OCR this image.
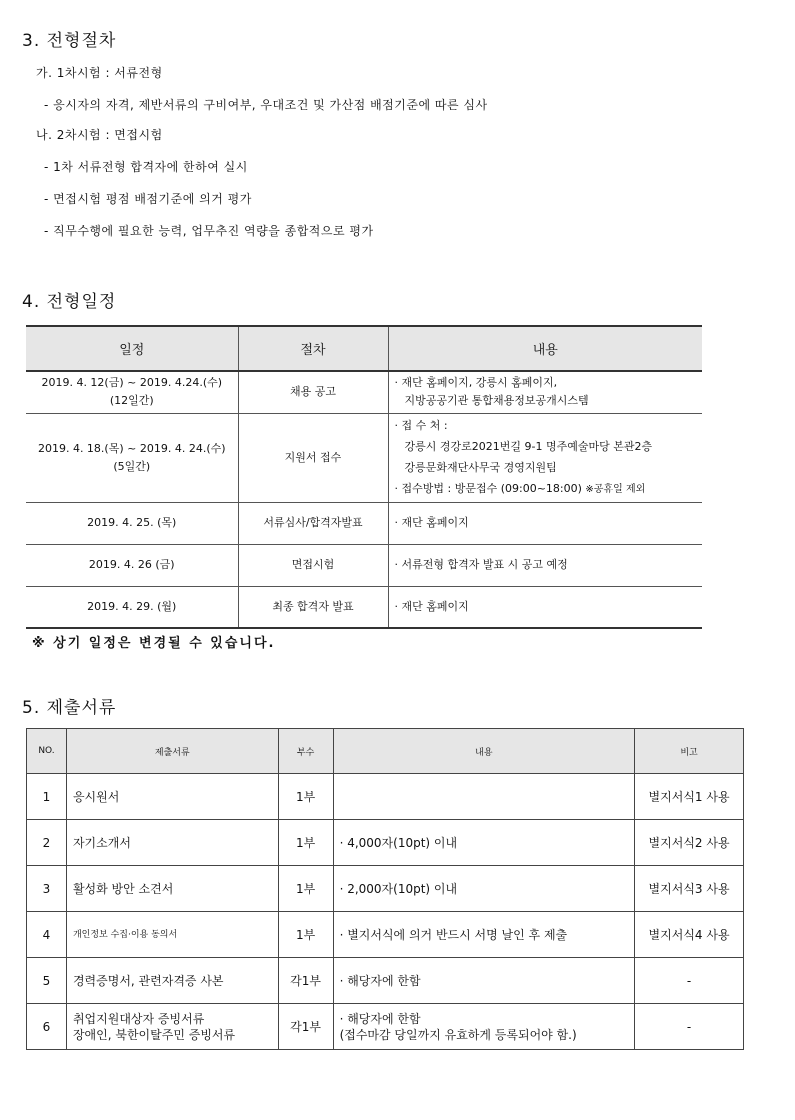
3. 전형절차
가. 1차시험 : 서류전형
- 응시자의 자격, 제반서류의 구비여부, 우대조건 및 가산점 배점기준에 따른 심사
나. 2차시험 : 면접시험
- 1차 서류전형 합격자에 한하여 실시
- 면접시험 평점 배점기준에 의거 평가
- 직무수행에 필요한 능력, 업무추진 역량을 종합적으로 평가
4. 전형일정
일정	절차	내용
2019. 4. 12(금) ~ 2019. 4.24.(수)
(12일간)	채용 공고	· 재단 홈페이지, 강릉시 홈페이지,
지방공공기관 통합채용정보공개시스템
2019. 4. 18.(목) ~ 2019. 4. 24.(수)
(5일간)	지원서 접수	· 접 수 처 :
강릉시 경강로2021번길 9-1 명주예술마당 본관2층
강릉문화재단사무국 경영지원팀
· 접수방법 : 방문접수 (09:00~18:00) ※공휴일 제외
2019. 4. 25. (목)	서류심사/합격자발표	· 재단 홈페이지
2019. 4. 26 (금)	면접시험	· 서류전형 합격자 발표 시 공고 예정
2019. 4. 29. (월)	최종 합격자 발표	· 재단 홈페이지
※ 상기 일정은 변경될 수 있습니다.
5. 제출서류
NO.	제출서류	부수	내용	비고
1	응시원서	1부		별지서식1 사용
2	자기소개서	1부	· 4,000자(10pt) 이내	별지서식2 사용
3	활성화 방안 소견서	1부	· 2,000자(10pt) 이내	별지서식3 사용
4	개인정보 수집·이용 동의서	1부	· 별지서식에 의거 반드시 서명 날인 후 제출	별지서식4 사용
5	경력증명서, 관련자격증 사본	각1부	· 해당자에 한함	-
6	취업지원대상자 증빙서류
장애인, 북한이탈주민 증빙서류	각1부	· 해당자에 한함
(접수마감 당일까지 유효하게 등록되어야 함.)	-
